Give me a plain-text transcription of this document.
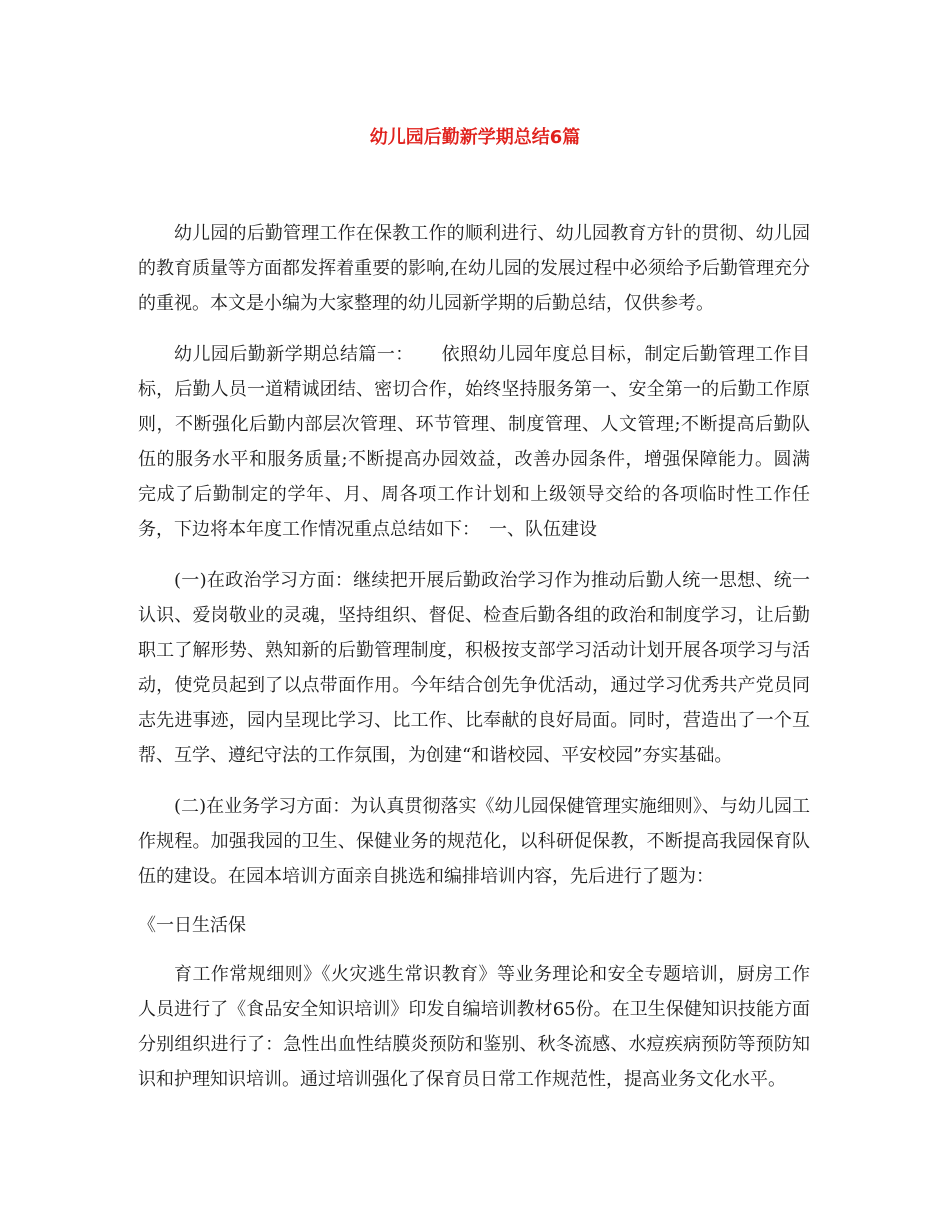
幼儿园后勤新学期总结6篇

幼儿园的后勤管理工作在保教工作的顺利进行、幼儿园教育方针的贯彻、幼儿园的教育质量等方面都发挥着重要的影响,在幼儿园的发展过程中必须给予后勤管理充分的重视。本文是小编为大家整理的幼儿园新学期的后勤总结，仅供参考。

幼儿园后勤新学期总结篇一：　　依照幼儿园年度总目标，制定后勤管理工作目标，后勤人员一道精诚团结、密切合作，始终坚持服务第一、安全第一的后勤工作原则，不断强化后勤内部层次管理、环节管理、制度管理、人文管理;不断提高后勤队伍的服务水平和服务质量;不断提高办园效益，改善办园条件，增强保障能力。圆满完成了后勤制定的学年、月、周各项工作计划和上级领导交给的各项临时性工作任务，下边将本年度工作情况重点总结如下：　一、队伍建设

(一)在政治学习方面：继续把开展后勤政治学习作为推动后勤人统一思想、统一认识、爱岗敬业的灵魂，坚持组织、督促、检查后勤各组的政治和制度学习，让后勤职工了解形势、熟知新的后勤管理制度，积极按支部学习活动计划开展各项学习与活动，使党员起到了以点带面作用。今年结合创先争优活动，通过学习优秀共产党员同志先进事迹，园内呈现比学习、比工作、比奉献的良好局面。同时，营造出了一个互帮、互学、遵纪守法的工作氛围，为创建“和谐校园、平安校园”夯实基础。

(二)在业务学习方面：为认真贯彻落实《幼儿园保健管理实施细则》、与幼儿园工作规程。加强我园的卫生、保健业务的规范化，以科研促保教，不断提高我园保育队伍的建设。在园本培训方面亲自挑选和编排培训内容，先后进行了题为：

《一日生活保

育工作常规细则》《火灾逃生常识教育》等业务理论和安全专题培训，厨房工作人员进行了《食品安全知识培训》印发自编培训教材65份。在卫生保健知识技能方面分别组织进行了：急性出血性结膜炎预防和鉴别、秋冬流感、水痘疾病预防等预防知识和护理知识培训。通过培训强化了保育员日常工作规范性，提高业务文化水平。
